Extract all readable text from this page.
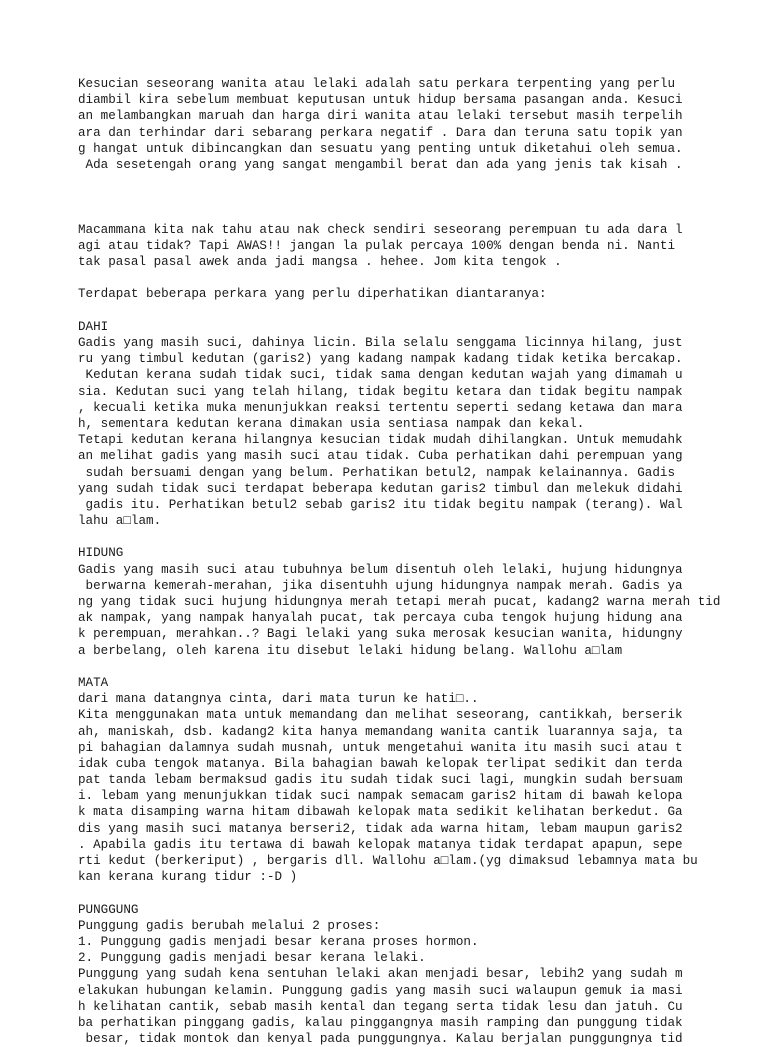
Kesucian seseorang wanita atau lelaki adalah satu perkara terpenting yang perlu
diambil kira sebelum membuat keputusan untuk hidup bersama pasangan anda. Kesuci
an melambangkan maruah dan harga diri wanita atau lelaki tersebut masih terpelih
ara dan terhindar dari sebarang perkara negatif . Dara dan teruna satu topik yan
g hangat untuk dibincangkan dan sesuatu yang penting untuk diketahui oleh semua.
Ada sesetengah orang yang sangat mengambil berat dan ada yang jenis tak kisah .
Macammana kita nak tahu atau nak check sendiri seseorang perempuan tu ada dara l
agi atau tidak? Tapi AWAS!! jangan la pulak percaya 100% dengan benda ni. Nanti
tak pasal pasal awek anda jadi mangsa . hehee. Jom kita tengok .
Terdapat beberapa perkara yang perlu diperhatikan diantaranya:
DAHI
Gadis yang masih suci, dahinya licin. Bila selalu senggama licinnya hilang, just
ru yang timbul kedutan (garis2) yang kadang nampak kadang tidak ketika bercakap.
Kedutan kerana sudah tidak suci, tidak sama dengan kedutan wajah yang dimamah u
sia. Kedutan suci yang telah hilang, tidak begitu ketara dan tidak begitu nampak
, kecuali ketika muka menunjukkan reaksi tertentu seperti sedang ketawa dan mara
h, sementara kedutan kerana dimakan usia sentiasa nampak dan kekal.
Tetapi kedutan kerana hilangnya kesucian tidak mudah dihilangkan. Untuk memudahk
an melihat gadis yang masih suci atau tidak. Cuba perhatikan dahi perempuan yang
sudah bersuami dengan yang belum. Perhatikan betul2, nampak kelainannya. Gadis
yang sudah tidak suci terdapat beberapa kedutan garis2 timbul dan melekuk didahi
gadis itu. Perhatikan betul2 sebab garis2 itu tidak begitu nampak (terang). Wal
lahu a□lam.
HIDUNG
Gadis yang masih suci atau tubuhnya belum disentuh oleh lelaki, hujung hidungnya
berwarna kemerah-merahan, jika disentuhh ujung hidungnya nampak merah. Gadis ya
ng yang tidak suci hujung hidungnya merah tetapi merah pucat, kadang2 warna merah tid
ak nampak, yang nampak hanyalah pucat, tak percaya cuba tengok hujung hidung ana
k perempuan, merahkan..? Bagi lelaki yang suka merosak kesucian wanita, hidungny
a berbelang, oleh karena itu disebut lelaki hidung belang. Wallohu a□lam
MATA
dari mana datangnya cinta, dari mata turun ke hati□..
Kita menggunakan mata untuk memandang dan melihat seseorang, cantikkah, berserik
ah, maniskah, dsb. kadang2 kita hanya memandang wanita cantik luarannya saja, ta
pi bahagian dalamnya sudah musnah, untuk mengetahui wanita itu masih suci atau t
idak cuba tengok matanya. Bila bahagian bawah kelopak terlipat sedikit dan terda
pat tanda lebam bermaksud gadis itu sudah tidak suci lagi, mungkin sudah bersuam
i. lebam yang menunjukkan tidak suci nampak semacam garis2 hitam di bawah kelopa
k mata disamping warna hitam dibawah kelopak mata sedikit kelihatan berkedut. Ga
dis yang masih suci matanya berseri2, tidak ada warna hitam, lebam maupun garis2
. Apabila gadis itu tertawa di bawah kelopak matanya tidak terdapat apapun, sepe
rti kedut (berkeriput) , bergaris dll. Wallohu a□lam.(yg dimaksud lebamnya mata bu
kan kerana kurang tidur :-D )
PUNGGUNG
Punggung gadis berubah melalui 2 proses:
1. Punggung gadis menjadi besar kerana proses hormon.
2. Punggung gadis menjadi besar kerana lelaki.
Punggung yang sudah kena sentuhan lelaki akan menjadi besar, lebih2 yang sudah m
elakukan hubungan kelamin. Punggung gadis yang masih suci walaupun gemuk ia masi
h kelihatan cantik, sebab masih kental dan tegang serta tidak lesu dan jatuh. Cu
ba perhatikan pinggang gadis, kalau pinggangnya masih ramping dan punggung tidak
besar, tidak montok dan kenyal pada punggungnya. Kalau berjalan punggungnya tid
